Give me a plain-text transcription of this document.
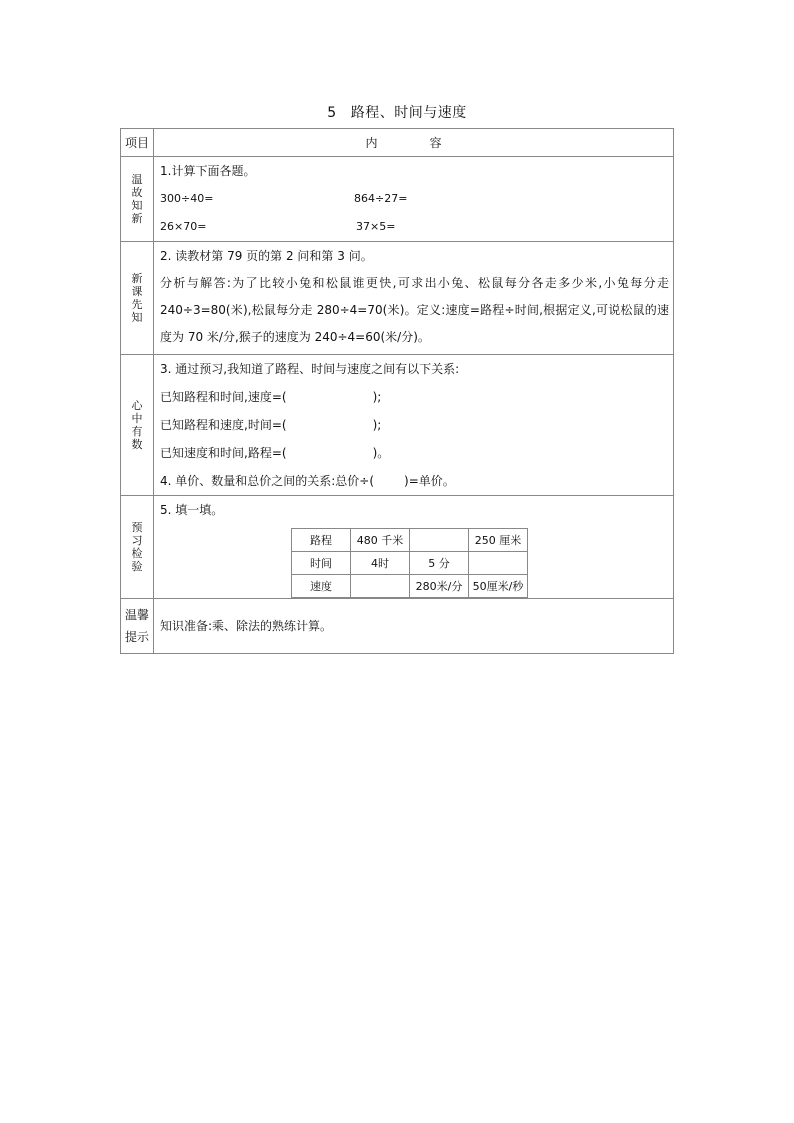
5 路程、时间与速度
项目	内　容
温故知新	
1.计算下面各题。
300÷40=	864÷27=
26×70=	37×5=

新课先知	
2. 读教材第 79 页的第 2 问和第 3 问。
分析与解答:为了比较小兔和松鼠谁更快,可求出小兔、松鼠每分各走多少米,小兔每分走 240÷3=80(米),松鼠每分走 280÷4=70(米)。定义:速度=路程÷时间,根据定义,可说松鼠的速度为 70 米/分,猴子的速度为 240÷4=60(米/分)。

心中有数	
3. 通过预习,我知道了路程、时间与速度之间有以下关系:
已知路程和时间,速度=(	);
已知路程和速度,时间=(	);
已知速度和时间,路程=(	)。
4. 单价、数量和总价之间的关系:总价÷(	)=单价。

预习检验	
5. 填一填。
路程	480 千米		250 厘米
时间	4时	5 分	
速度		280米/分	50厘米/秒

温馨提示	
知识准备:乘、除法的熟练计算。
